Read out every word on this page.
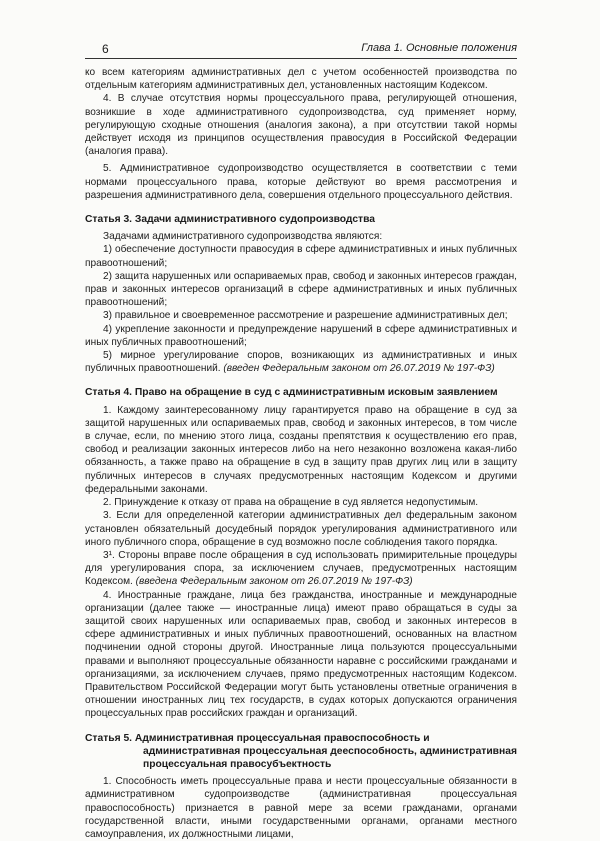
6	Глава 1. Основные положения

ко всем категориям административных дел с учетом особенностей производства по отдельным категориям административных дел, установленных настоящим Кодексом.

4. В случае отсутствия нормы процессуального права, регулирующей отношения, возникшие в ходе административного судопроизводства, суд применяет норму, регулирующую сходные отношения (аналогия закона), а при отсутствии такой нормы действует исходя из принципов осуществления правосудия в Российской Федерации (аналогия права).

5. Административное судопроизводство осуществляется в соответствии с теми нормами процессуального права, которые действуют во время рассмотрения и разрешения административного дела, совершения отдельного процессуального действия.

Статья 3. Задачи административного судопроизводства

Задачами административного судопроизводства являются:

1) обеспечение доступности правосудия в сфере административных и иных публичных правоотношений;

2) защита нарушенных или оспариваемых прав, свобод и законных интересов граждан, прав и законных интересов организаций в сфере административных и иных публичных правоотношений;

3) правильное и своевременное рассмотрение и разрешение административных дел;

4) укрепление законности и предупреждение нарушений в сфере административных и иных публичных правоотношений;

5) мирное урегулирование споров, возникающих из административных и иных публичных правоотношений. (введен Федеральным законом от 26.07.2019 № 197-ФЗ)

Статья 4. Право на обращение в суд с административным исковым заявлением

1. Каждому заинтересованному лицу гарантируется право на обращение в суд за защитой нарушенных или оспариваемых прав, свобод и законных интересов, в том числе в случае, если, по мнению этого лица, созданы препятствия к осуществлению его прав, свобод и реализации законных интересов либо на него незаконно возложена какая-либо обязанность, а также право на обращение в суд в защиту прав других лиц или в защиту публичных интересов в случаях предусмотренных настоящим Кодексом и другими федеральными законами.

2. Принуждение к отказу от права на обращение в суд является недопустимым.

3. Если для определенной категории административных дел федеральным законом установлен обязательный досудебный порядок урегулирования административного или иного публичного спора, обращение в суд возможно после соблюдения такого порядка.

3¹. Стороны вправе после обращения в суд использовать примирительные процедуры для урегулирования спора, за исключением случаев, предусмотренных настоящим Кодексом. (введена Федеральным законом от 26.07.2019 № 197-ФЗ)

4. Иностранные граждане, лица без гражданства, иностранные и международные организации (далее также — иностранные лица) имеют право обращаться в суды за защитой своих нарушенных или оспариваемых прав, свобод и законных интересов в сфере административных и иных публичных правоотношений, основанных на властном подчинении одной стороны другой. Иностранные лица пользуются процессуальными правами и выполняют процессуальные обязанности наравне с российскими гражданами и организациями, за исключением случаев, прямо предусмотренных настоящим Кодексом. Правительством Российской Федерации могут быть установлены ответные ограничения в отношении иностранных лиц тех государств, в судах которых допускаются ограничения процессуальных прав российских граждан и организаций.

Статья 5. Административная процессуальная правоспособность и административная процессуальная дееспособность, административная процессуальная правосубъектность

1. Способность иметь процессуальные права и нести процессуальные обязанности в административном судопроизводстве (административная процессуальная правоспособность) признается в равной мере за всеми гражданами, органами государственной власти, иными государственными органами, органами местного самоуправления, их должностными лицами,
